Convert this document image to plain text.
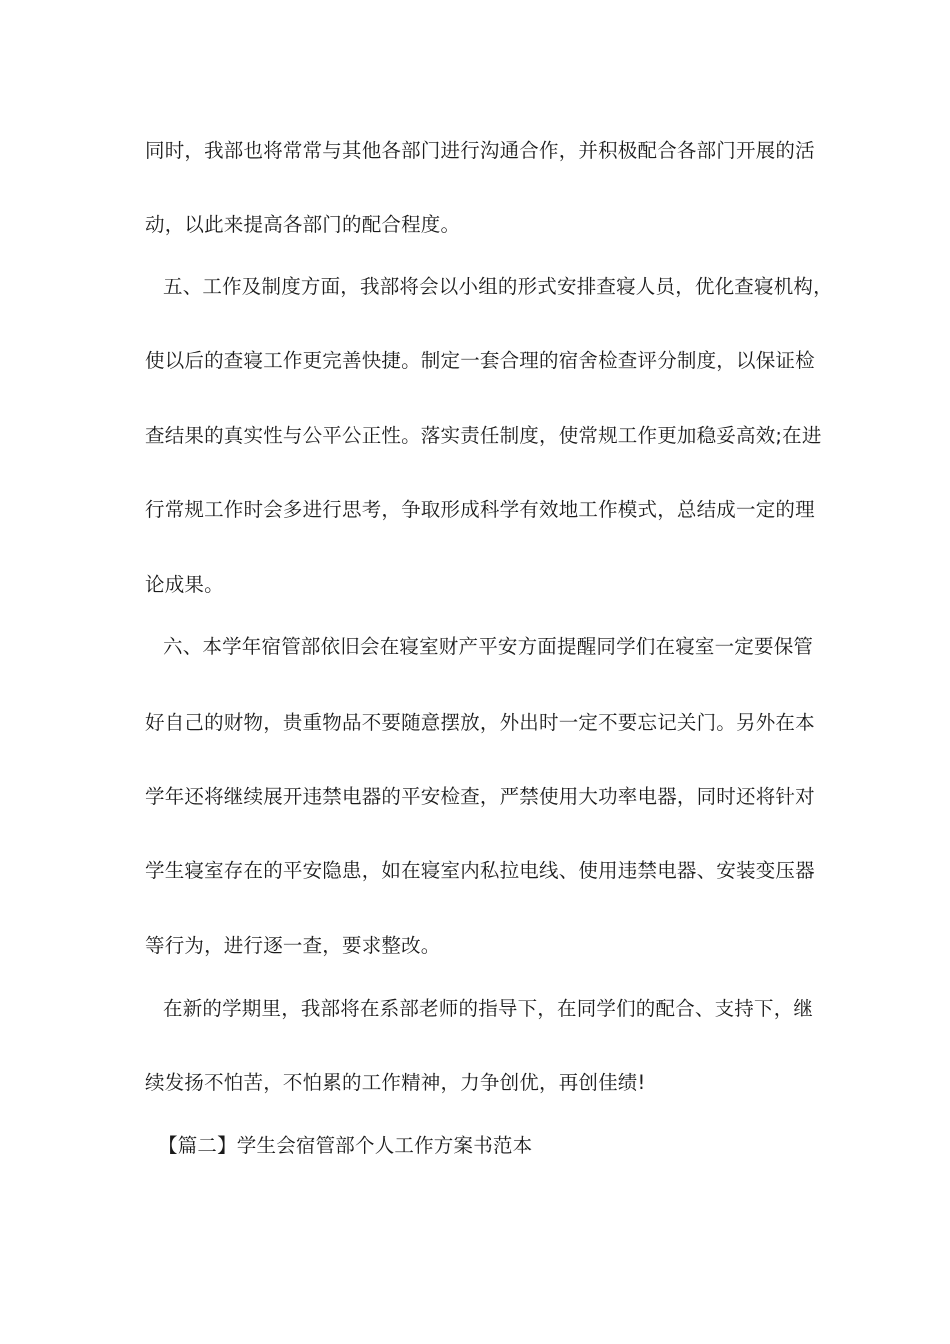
同时，我部也将常常与其他各部门进行沟通合作，并积极配合各部门开展的活
动，以此来提高各部门的配合程度。
五、工作及制度方面，我部将会以小组的形式安排查寝人员，优化查寝机构，
使以后的查寝工作更完善快捷。制定一套合理的宿舍检查评分制度，以保证检
查结果的真实性与公平公正性。落实责任制度，使常规工作更加稳妥高效;在进
行常规工作时会多进行思考，争取形成科学有效地工作模式，总结成一定的理
论成果。
六、本学年宿管部依旧会在寝室财产平安方面提醒同学们在寝室一定要保管
好自己的财物，贵重物品不要随意摆放，外出时一定不要忘记关门。另外在本
学年还将继续展开违禁电器的平安检查，严禁使用大功率电器，同时还将针对
学生寝室存在的平安隐患，如在寝室内私拉电线、使用违禁电器、安装变压器
等行为，进行逐一查，要求整改。
在新的学期里，我部将在系部老师的指导下，在同学们的配合、支持下，继
续发扬不怕苦，不怕累的工作精神，力争创优，再创佳绩!
【篇二】学生会宿管部个人工作方案书范本
